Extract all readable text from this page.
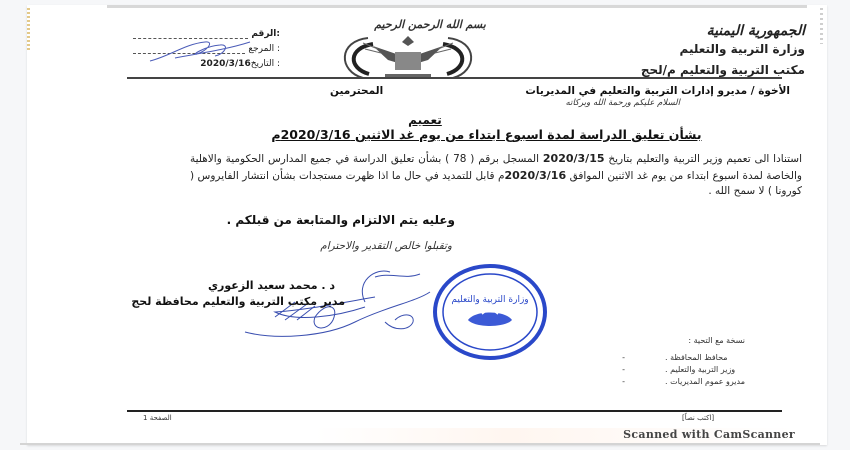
الجمهورية اليمنية
وزارة التربية والتعليم
مكتب التربية والتعليم م/لحج
بسم الله الرحمن الرحيم
الرقم:
المرجع :
التاريخ :
2020/3/16
الأخوة / مديرو إدارات التربية والتعليم في المديريات
المحترمين
السلام عليكم ورحمة الله وبركاته
تعميم
بشأن تعليق الدراسة لمدة اسبوع ابتداء من يوم غد الاثنين 2020/3/16م
استنادا الى تعميم وزير التربية والتعليم بتاريخ 2020/3/15 المسجل برقم ( 78 ) بشأن تعليق الدراسة في جميع المدارس الحكومية والاهلية والخاصة لمدة اسبوع ابتداء من يوم غد الاثنين الموافق 2020/3/16م قابل للتمديد في حال ما اذا ظهرت مستجدات بشأن انتشار الفايروس ( كورونا ) لا سمح الله .
وعليه يتم الالتزام والمتابعة من قبلكم .
وتقبلوا خالص التقدير والاحترام
وزارة التربية والتعليم
د . محمد سعيد الزعوري
مدير مكتب التربية والتعليم محافظة لحج
نسخة مع التحية :
-	محافظ المحافظة .
-	وزير التربية والتعليم .
-	مديرو عموم المديريات .
الصفحة 1	[اكتب نصاً]
Scanned with CamScanner
